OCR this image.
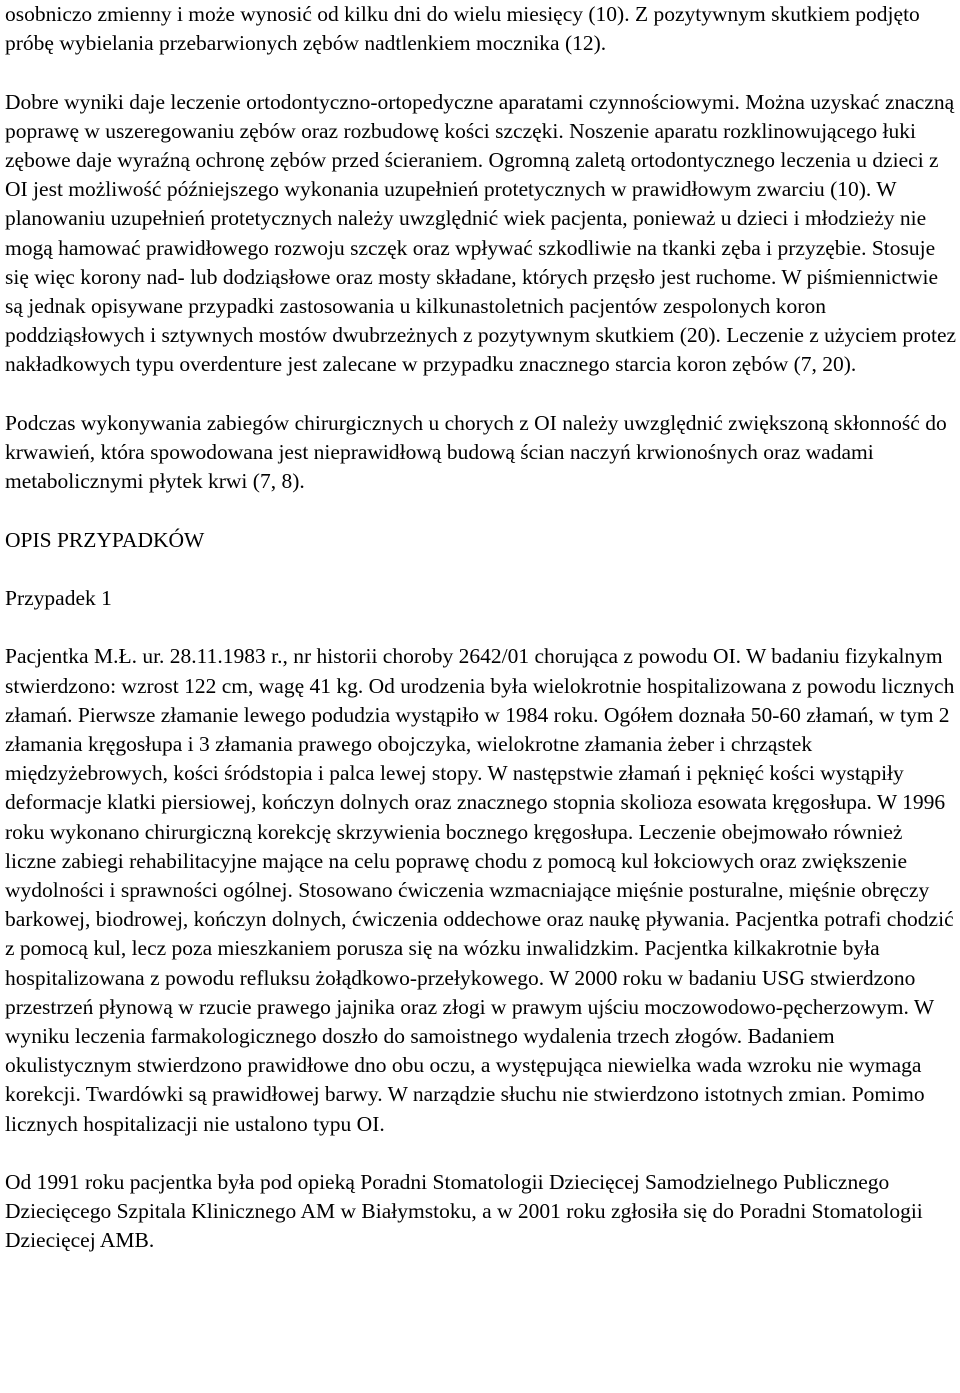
osobniczo zmienny i może wynosić od kilku dni do wielu miesięcy (10). Z pozytywnym skutkiem podjęto próbę wybielania przebarwionych zębów nadtlenkiem mocznika (12).

Dobre wyniki daje leczenie ortodontyczno-ortopedyczne aparatami czynnościowymi. Można uzyskać znaczną poprawę w uszeregowaniu zębów oraz rozbudowę kości szczęki. Noszenie aparatu rozklinowującego łuki zębowe daje wyraźną ochronę zębów przed ścieraniem. Ogromną zaletą ortodontycznego leczenia u dzieci z OI jest możliwość późniejszego wykonania uzupełnień protetycznych w prawidłowym zwarciu (10). W planowaniu uzupełnień protetycznych należy uwzględnić wiek pacjenta, ponieważ u dzieci i młodzieży nie mogą hamować prawidłowego rozwoju szczęk oraz wpływać szkodliwie na tkanki zęba i przyzębie. Stosuje się więc korony nad- lub dodziąsłowe oraz mosty składane, których przęsło jest ruchome. W piśmiennictwie są jednak opisywane przypadki zastosowania u kilkunastoletnich pacjentów zespolonych koron poddziąsłowych i sztywnych mostów dwubrzeżnych z pozytywnym skutkiem (20). Leczenie z użyciem protez nakładkowych typu overdenture jest zalecane w przypadku znacznego starcia koron zębów (7, 20).

Podczas wykonywania zabiegów chirurgicznych u chorych z OI należy uwzględnić zwiększoną skłonność do krwawień, która spowodowana jest nieprawidłową budową ścian naczyń krwionośnych oraz wadami metabolicznymi płytek krwi (7, 8).

OPIS PRZYPADKÓW

Przypadek 1

Pacjentka M.Ł. ur. 28.11.1983 r., nr historii choroby 2642/01 chorująca z powodu OI. W badaniu fizykalnym stwierdzono: wzrost 122 cm, wagę 41 kg. Od urodzenia była wielokrotnie hospitalizowana z powodu licznych złamań. Pierwsze złamanie lewego podudzia wystąpiło w 1984 roku. Ogółem doznała 50-60 złamań, w tym 2 złamania kręgosłupa i 3 złamania prawego obojczyka, wielokrotne złamania żeber i chrząstek międzyżebrowych, kości śródstopia i palca lewej stopy. W następstwie złamań i pęknięć kości wystąpiły deformacje klatki piersiowej, kończyn dolnych oraz znacznego stopnia skolioza esowata kręgosłupa. W 1996 roku wykonano chirurgiczną korekcję skrzywienia bocznego kręgosłupa. Leczenie obejmowało również liczne zabiegi rehabilitacyjne mające na celu poprawę chodu z pomocą kul łokciowych oraz zwiększenie wydolności i sprawności ogólnej. Stosowano ćwiczenia wzmacniające mięśnie posturalne, mięśnie obręczy barkowej, biodrowej, kończyn dolnych, ćwiczenia oddechowe oraz naukę pływania. Pacjentka potrafi chodzić z pomocą kul, lecz poza mieszkaniem porusza się na wózku inwalidzkim. Pacjentka kilkakrotnie była hospitalizowana z powodu refluksu żołądkowo-przełykowego. W 2000 roku w badaniu USG stwierdzono przestrzeń płynową w rzucie prawego jajnika oraz złogi w prawym ujściu moczowodowo-pęcherzowym. W wyniku leczenia farmakologicznego doszło do samoistnego wydalenia trzech złogów. Badaniem okulistycznym stwierdzono prawidłowe dno obu oczu, a występująca niewielka wada wzroku nie wymaga korekcji. Twardówki są prawidłowej barwy. W narządzie słuchu nie stwierdzono istotnych zmian. Pomimo licznych hospitalizacji nie ustalono typu OI.

Od 1991 roku pacjentka była pod opieką Poradni Stomatologii Dziecięcej Samodzielnego Publicznego Dziecięcego Szpitala Klinicznego AM w Białymstoku, a w 2001 roku zgłosiła się do Poradni Stomatologii Dziecięcej AMB.
